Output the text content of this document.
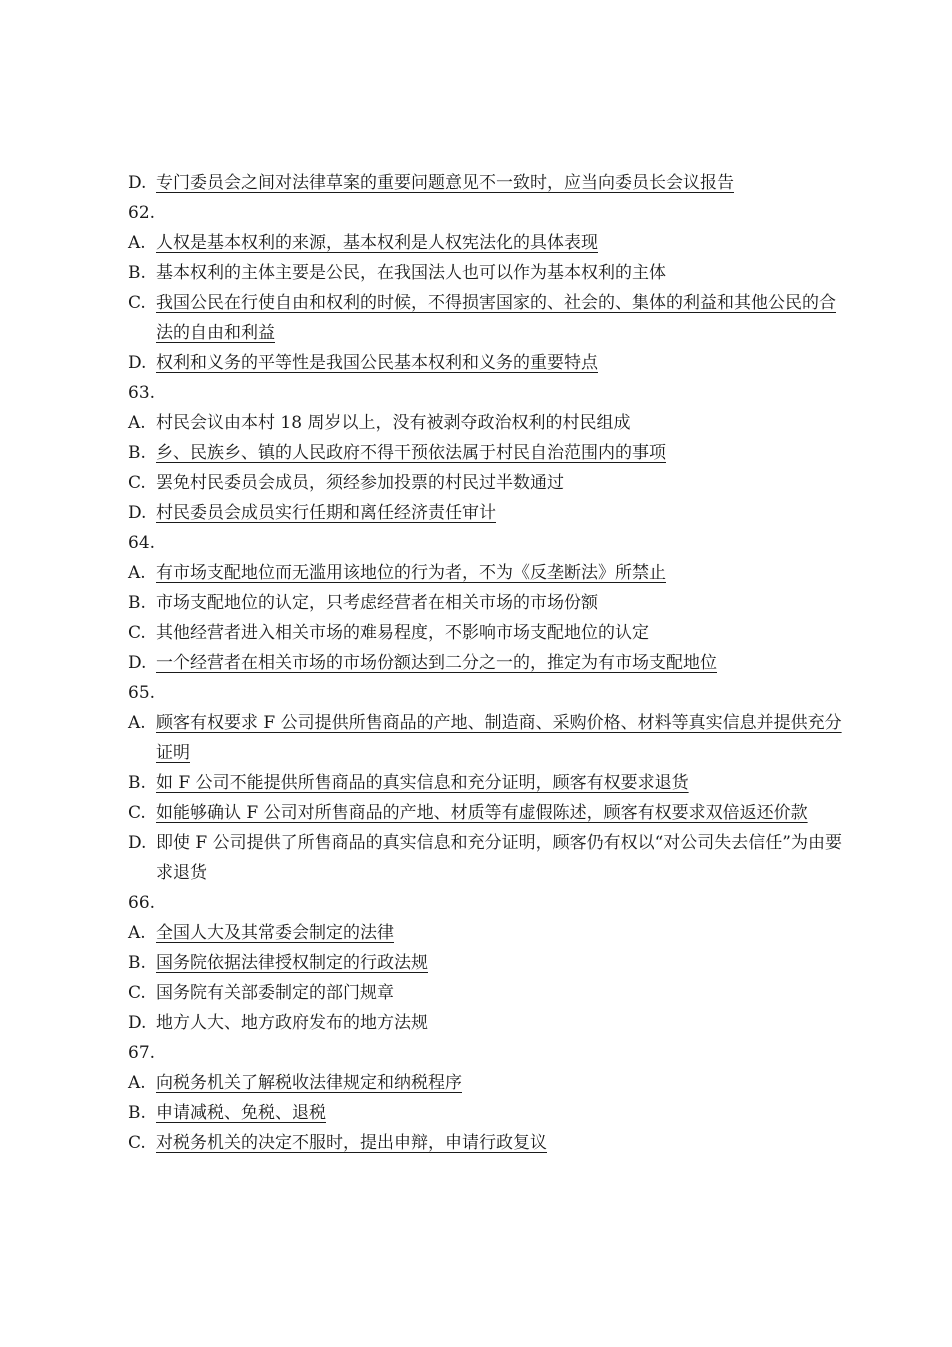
D. 专门委员会之间对法律草案的重要问题意见不一致时，应当向委员长会议报告
62.
A. 人权是基本权利的来源，基本权利是人权宪法化的具体表现
B. 基本权利的主体主要是公民，在我国法人也可以作为基本权利的主体
C. 我国公民在行使自由和权利的时候，不得损害国家的、社会的、集体的利益和其他公民的合法的自由和利益
D. 权利和义务的平等性是我国公民基本权利和义务的重要特点
63.
A. 村民会议由本村 18 周岁以上，没有被剥夺政治权利的村民组成
B. 乡、民族乡、镇的人民政府不得干预依法属于村民自治范围内的事项
C. 罢免村民委员会成员，须经参加投票的村民过半数通过
D. 村民委员会成员实行任期和离任经济责任审计
64.
A. 有市场支配地位而无滥用该地位的行为者，不为《反垄断法》所禁止
B. 市场支配地位的认定，只考虑经营者在相关市场的市场份额
C. 其他经营者进入相关市场的难易程度，不影响市场支配地位的认定
D. 一个经营者在相关市场的市场份额达到二分之一的，推定为有市场支配地位
65.
A. 顾客有权要求 F 公司提供所售商品的产地、制造商、采购价格、材料等真实信息并提供充分证明
B. 如 F 公司不能提供所售商品的真实信息和充分证明，顾客有权要求退货
C. 如能够确认 F 公司对所售商品的产地、材质等有虚假陈述，顾客有权要求双倍返还价款
D. 即使 F 公司提供了所售商品的真实信息和充分证明，顾客仍有权以“对公司失去信任”为由要求退货
66.
A. 全国人大及其常委会制定的法律
B. 国务院依据法律授权制定的行政法规
C. 国务院有关部委制定的部门规章
D. 地方人大、地方政府发布的地方法规
67.
A. 向税务机关了解税收法律规定和纳税程序
B. 申请减税、免税、退税
C. 对税务机关的决定不服时，提出申辩，申请行政复议
